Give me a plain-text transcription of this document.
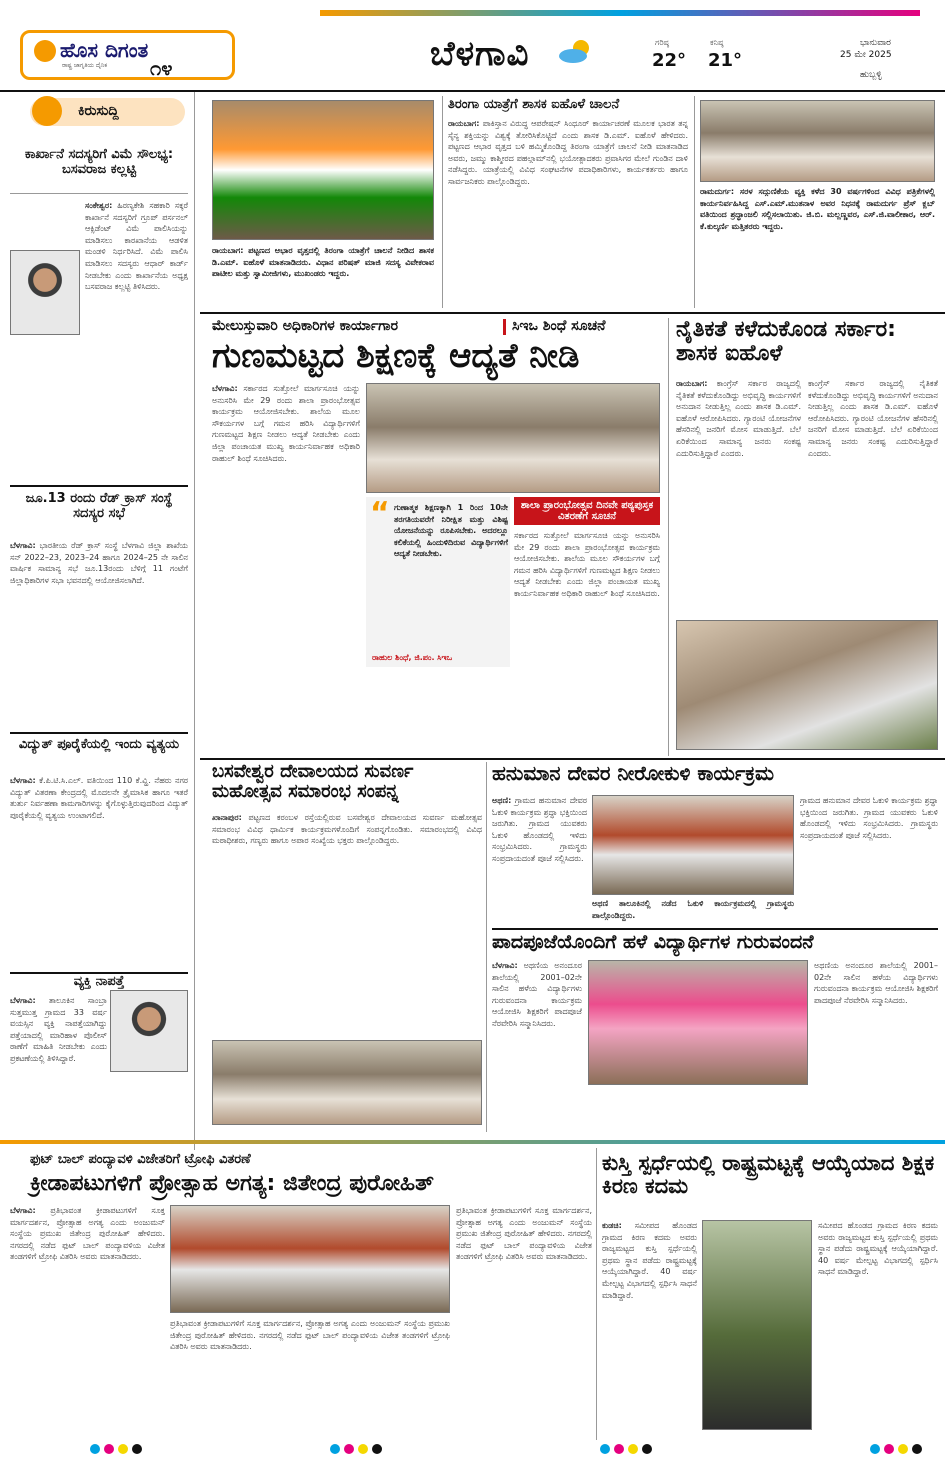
ಹೊಸ ದಿಗಂತ
ರಾಷ್ಟ್ರ ಜಾಗೃತಿಯ ದೈನಿಕ ೧೪	ಬೆಳಗಾವಿ	ಗರಿಷ್ಠ
22°
ಕನಿಷ್ಠ
21°
ಭಾನುವಾರ
25 ಮೇ 2025
ಹುಬ್ಬಳ್ಳಿ
ಕಿರುಸುದ್ದಿ
ಕಾರ್ಖಾನೆ ಸದಸ್ಯರಿಗೆ ವಿಮೆ ಸೌಲಭ್ಯ: ಬಸವರಾಜ ಕಲ್ಲಟ್ಟಿ
ಸಂಕೇಶ್ವರ: ಹಿರಣ್ಯಕೇಶಿ ಸಹಕಾರಿ ಸಕ್ಕರೆ ಕಾರ್ಖಾನೆ ಸದಸ್ಯರಿಗೆ ಗ್ರೂಪ್ ಪರ್ಸನಲ್ ಆಕ್ಸಿಡೆಂಟ್ ವಿಮೆ ಪಾಲಿಸಿಯನ್ನು ಮಾಡಿಸಲು ಕಾರಖಾನೆಯ ಆಡಳಿತ ಮಂಡಳಿ ನಿರ್ಧರಿಸಿದೆ. ವಿಮೆ ಪಾಲಿಸಿ ಮಾಡಿಸಲು ಸದಸ್ಯರು ಆಧಾರ್ ಕಾರ್ಡ್ ನೀಡಬೇಕು ಎಂದು ಕಾರ್ಖಾನೆಯ ಅಧ್ಯಕ್ಷ ಬಸವರಾಜ ಕಲ್ಲಟ್ಟಿ ತಿಳಿಸಿದರು.
ಜೂ.13 ರಂದು ರೆಡ್ ಕ್ರಾಸ್ ಸಂಸ್ಥೆ ಸದಸ್ಯರ ಸಭೆ
ಬೆಳಗಾವಿ: ಭಾರತೀಯ ರೆಡ್ ಕ್ರಾಸ್ ಸಂಸ್ಥೆ ಬೆಳಗಾವಿ ಜಿಲ್ಲಾ ಶಾಖೆಯ ಸನ್ 2022–23, 2023–24 ಹಾಗೂ 2024–25 ನೇ ಸಾಲಿನ ವಾರ್ಷಿಕ ಸಾಮಾನ್ಯ ಸಭೆ ಜೂ.13ರಂದು ಬೆಳಿಗ್ಗೆ 11 ಗಂಟೆಗೆ ಜಿಲ್ಲಾಧಿಕಾರಿಗಳ ಸಭಾ ಭವನದಲ್ಲಿ ಆಯೋಜಿಸಲಾಗಿದೆ.
ವಿದ್ಯುತ್ ಪೂರೈಕೆಯಲ್ಲಿ ಇಂದು ವ್ಯತ್ಯಯ
ಬೆಳಗಾವಿ: ಕೆ.ಪಿ.ಟಿ.ಸಿ.ಎಲ್. ವತಿಯಿಂದ 110 ಕೆ.ವ್ಹಿ. ನೆಹರು ನಗರ ವಿದ್ಯುತ್ ವಿತರಣಾ ಕೇಂದ್ರದಲ್ಲಿ ಮೊದಲನೇ ತ್ರೈಮಾಸಿಕ ಹಾಗೂ ಇತರೆ ತುರ್ತು ನಿರ್ವಹಣಾ ಕಾಮಗಾರಿಗಳನ್ನು ಕೈಗೊಳ್ಳುತ್ತಿರುವುದರಿಂದ ವಿದ್ಯುತ್ ಪೂರೈಕೆಯಲ್ಲಿ ವ್ಯತ್ಯಯ ಉಂಟಾಗಲಿದೆ.
ವ್ಯಕ್ತಿ ನಾಪತ್ತೆ
ಬೆಳಗಾವಿ: ತಾಲೂಕಿನ ಸಾಂಬ್ರಾ ಸುತ್ತಮುತ್ತ ಗ್ರಾಮದ 33 ವರ್ಷ ವಯಸ್ಸಿನ ವ್ಯಕ್ತಿ ನಾಪತ್ತೆಯಾಗಿದ್ದು ಪತ್ತೆಯಾದಲ್ಲಿ ಮಾರಿಹಾಳ ಪೊಲೀಸ್ ಠಾಣೆಗೆ ಮಾಹಿತಿ ನೀಡಬೇಕು ಎಂದು ಪ್ರಕಟಣೆಯಲ್ಲಿ ತಿಳಿಸಿದ್ದಾರೆ.
ರಾಯಬಾಗ: ಪಟ್ಟಣದ ಆಭಾರ ವೃತ್ತದಲ್ಲಿ ತಿರಂಗಾ ಯಾತ್ರೆಗೆ ಚಾಲನೆ ನೀಡಿದ ಶಾಸಕ ಡಿ.ಎಮ್. ಐಹೊಳೆ ಮಾತನಾಡಿದರು. ವಿಧಾನ ಪರಿಷತ್ ಮಾಜಿ ಸದಸ್ಯ ವಿವೇಕರಾವ ಪಾಟೀಲ ಮತ್ತು ಸ್ವಾಮೀಜಿಗಳು, ಮುಖಂಡರು ಇದ್ದರು.
ತಿರಂಗಾ ಯಾತ್ರೆಗೆ ಶಾಸಕ ಐಹೊಳೆ ಚಾಲನೆ
ರಾಯಬಾಗ: ಪಾಕಿಸ್ತಾನ ವಿರುದ್ಧ ಆಪರೇಷನ್ ಸಿಂಧೂರ್ ಕಾರ್ಯಾಚರಣೆ ಮೂಲಕ ಭಾರತ ತನ್ನ ಸೈನ್ಯ ಶಕ್ತಿಯನ್ನು ವಿಶ್ವಕ್ಕೆ ತೋರಿಸಿಕೊಟ್ಟಿದೆ ಎಂದು ಶಾಸಕ ಡಿ.ಎಮ್. ಐಹೊಳೆ ಹೇಳಿದರು. ಪಟ್ಟಣದ ಆಭಾರ ವೃತ್ತದ ಬಳಿ ಹಮ್ಮಿಕೊಂಡಿದ್ದ ತಿರಂಗಾ ಯಾತ್ರೆಗೆ ಚಾಲನೆ ನೀಡಿ ಮಾತನಾಡಿದ ಅವರು, ಜಮ್ಮು ಕಾಶ್ಮೀರದ ಪಹಲ್ಗಾಮ್‌ನಲ್ಲಿ ಭಯೋತ್ಪಾದಕರು ಪ್ರವಾಸಿಗರ ಮೇಲೆ ಗುಂಡಿನ ದಾಳಿ ನಡೆಸಿದ್ದರು. ಯಾತ್ರೆಯಲ್ಲಿ ವಿವಿಧ ಸಂಘಟನೆಗಳ ಪದಾಧಿಕಾರಿಗಳು, ಕಾರ್ಯಕರ್ತರು ಹಾಗೂ ಸಾರ್ವಜನಿಕರು ಪಾಲ್ಗೊಂಡಿದ್ದರು.
ರಾಮದುರ್ಗ: ಸರಳ ಸದ್ಗುಣಿಕೆಯ ವ್ಯಕ್ತಿ ಕಳೆದ 30 ವರ್ಷಗಳಿಂದ ವಿವಿಧ ಪತ್ರಿಕೆಗಳಲ್ಲಿ ಕಾರ್ಯನಿರ್ವಹಿಸಿದ್ದ ಎಸ್.ಎಮ್.ಮುತನಾಳ ಅವರ ನಿಧನಕ್ಕೆ ರಾಮದುರ್ಗ ಪ್ರೆಸ್ ಕ್ಲಬ್ ವತಿಯಿಂದ ಶ್ರದ್ಧಾಂಜಲಿ ಸಲ್ಲಿಸಲಾಯಿತು. ಜಿ.ಬಿ. ಮಲ್ಲಣ್ಣವರ, ಎಸ್.ಜಿ.ವಾಲೀಕಾರ, ಆರ್. ಕೆ.ಕುಲ್ಕರ್ಣಿ ಮತ್ತಿತರರು ಇದ್ದರು.
ಮೇಲುಸ್ತುವಾರಿ ಅಧಿಕಾರಿಗಳ ಕಾರ್ಯಾಗಾರ	ಸಿಇಒ ಶಿಂಧೆ ಸೂಚನೆ
ಗುಣಮಟ್ಟದ ಶಿಕ್ಷಣಕ್ಕೆ ಆದ್ಯತೆ ನೀಡಿ
ಬೆಳಗಾವಿ: ಸರ್ಕಾರದ ಸುತ್ತೋಲೆ ಮಾರ್ಗಸೂಚಿ ಯನ್ನು ಅನುಸರಿಸಿ ಮೇ 29 ರಂದು ಶಾಲಾ ಪ್ರಾರಂಭೋತ್ಸವ ಕಾರ್ಯಕ್ರಮ ಆಯೋಜಿಸಬೇಕು. ಶಾಲೆಯ ಮೂಲ ಸೌಕರ್ಯಗಳ ಬಗ್ಗೆ ಗಮನ ಹರಿಸಿ ವಿದ್ಯಾರ್ಥಿಗಳಿಗೆ ಗುಣಮಟ್ಟದ ಶಿಕ್ಷಣ ನೀಡಲು ಆದ್ಯತೆ ನೀಡಬೇಕು ಎಂದು ಜಿಲ್ಲಾ ಪಂಚಾಯತ ಮುಖ್ಯ ಕಾರ್ಯನಿರ್ವಾಹಕ ಅಧಿಕಾರಿ ರಾಹುಲ್ ಶಿಂಧೆ ಸೂಚಿಸಿದರು.
“ ಗುಣಾತ್ಮಕ ಶಿಕ್ಷಣಕ್ಕಾಗಿ 1 ರಿಂದ 10ನೇ ತರಗತಿಯವರೆಗೆ ನಿರೀಕ್ಷಿತ ಮತ್ತು ವಿಶಿಷ್ಟ ಯೋಜನೆಯನ್ನು ರೂಪಿಸಬೇಕು. ಅದರಲ್ಲೂ ಕಲಿಕೆಯಲ್ಲಿ ಹಿಂದುಳಿದಿರುವ ವಿದ್ಯಾರ್ಥಿಗಳಿಗೆ ಆದ್ಯತೆ ನೀಡಬೇಕು.
ರಾಹುಲ ಶಿಂಧೆ, ಜಿ.ಪಂ. ಸಿಇಒ
ಶಾಲಾ ಪ್ರಾರಂಭೋತ್ಸವ ದಿನವೇ ಪಠ್ಯಪುಸ್ತಕ ವಿತರಣೆಗೆ ಸೂಚನೆ
ಸರ್ಕಾರದ ಸುತ್ತೋಲೆ ಮಾರ್ಗಸೂಚಿ ಯನ್ನು ಅನುಸರಿಸಿ ಮೇ 29 ರಂದು ಶಾಲಾ ಪ್ರಾರಂಭೋತ್ಸವ ಕಾರ್ಯಕ್ರಮ ಆಯೋಜಿಸಬೇಕು. ಶಾಲೆಯ ಮೂಲ ಸೌಕರ್ಯಗಳ ಬಗ್ಗೆ ಗಮನ ಹರಿಸಿ ವಿದ್ಯಾರ್ಥಿಗಳಿಗೆ ಗುಣಮಟ್ಟದ ಶಿಕ್ಷಣ ನೀಡಲು ಆದ್ಯತೆ ನೀಡಬೇಕು ಎಂದು ಜಿಲ್ಲಾ ಪಂಚಾಯತ ಮುಖ್ಯ ಕಾರ್ಯನಿರ್ವಾಹಕ ಅಧಿಕಾರಿ ರಾಹುಲ್ ಶಿಂಧೆ ಸೂಚಿಸಿದರು.
ನೈತಿಕತೆ ಕಳೆದುಕೊಂಡ ಸರ್ಕಾರ: ಶಾಸಕ ಐಹೊಳೆ
ರಾಯಬಾಗ: ಕಾಂಗ್ರೆಸ್ ಸರ್ಕಾರ ರಾಜ್ಯದಲ್ಲಿ ನೈತಿಕತೆ ಕಳೆದುಕೊಂಡಿದ್ದು ಅಭಿವೃದ್ಧಿ ಕಾರ್ಯಗಳಿಗೆ ಅನುದಾನ ನೀಡುತ್ತಿಲ್ಲ ಎಂದು ಶಾಸಕ ಡಿ.ಎಮ್. ಐಹೊಳೆ ಆರೋಪಿಸಿದರು. ಗ್ಯಾರಂಟಿ ಯೋಜನೆಗಳ ಹೆಸರಿನಲ್ಲಿ ಜನರಿಗೆ ಮೋಸ ಮಾಡುತ್ತಿದೆ. ಬೆಲೆ ಏರಿಕೆಯಿಂದ ಸಾಮಾನ್ಯ ಜನರು ಸಂಕಷ್ಟ ಎದುರಿಸುತ್ತಿದ್ದಾರೆ ಎಂದರು.
ಕಾಂಗ್ರೆಸ್ ಸರ್ಕಾರ ರಾಜ್ಯದಲ್ಲಿ ನೈತಿಕತೆ ಕಳೆದುಕೊಂಡಿದ್ದು ಅಭಿವೃದ್ಧಿ ಕಾರ್ಯಗಳಿಗೆ ಅನುದಾನ ನೀಡುತ್ತಿಲ್ಲ ಎಂದು ಶಾಸಕ ಡಿ.ಎಮ್. ಐಹೊಳೆ ಆರೋಪಿಸಿದರು. ಗ್ಯಾರಂಟಿ ಯೋಜನೆಗಳ ಹೆಸರಿನಲ್ಲಿ ಜನರಿಗೆ ಮೋಸ ಮಾಡುತ್ತಿದೆ. ಬೆಲೆ ಏರಿಕೆಯಿಂದ ಸಾಮಾನ್ಯ ಜನರು ಸಂಕಷ್ಟ ಎದುರಿಸುತ್ತಿದ್ದಾರೆ ಎಂದರು.
ಬಸವೇಶ್ವರ ದೇವಾಲಯದ ಸುವರ್ಣ ಮಹೋತ್ಸವ ಸಮಾರಂಭ ಸಂಪನ್ನ
ಖಾನಾಪುರ: ಪಟ್ಟಣದ ಕರಂಬಳ ರಸ್ತೆಯಲ್ಲಿರುವ ಬಸವೇಶ್ವರ ದೇವಾಲಯದ ಸುವರ್ಣ ಮಹೋತ್ಸವ ಸಮಾರಂಭ ವಿವಿಧ ಧಾರ್ಮಿಕ ಕಾರ್ಯಕ್ರಮಗಳೊಂದಿಗೆ ಸಂಪನ್ನಗೊಂಡಿತು. ಸಮಾರಂಭದಲ್ಲಿ ವಿವಿಧ ಮಠಾಧೀಶರು, ಗಣ್ಯರು ಹಾಗೂ ಅಪಾರ ಸಂಖ್ಯೆಯ ಭಕ್ತರು ಪಾಲ್ಗೊಂಡಿದ್ದರು.
ಹನುಮಾನ ದೇವರ ನೀರೋಕುಳಿ ಕಾರ್ಯಕ್ರಮ
ಅಥಣಿ: ಗ್ರಾಮದ ಹನುಮಾನ ದೇವರ ಓಕುಳಿ ಕಾರ್ಯಕ್ರಮ ಶ್ರದ್ಧಾ ಭಕ್ತಿಯಿಂದ ಜರುಗಿತು. ಗ್ರಾಮದ ಯುವಕರು ಓಕುಳಿ ಹೊಂಡದಲ್ಲಿ ಇಳಿದು ಸಂಭ್ರಮಿಸಿದರು. ಗ್ರಾಮಸ್ಥರು ಸಂಪ್ರದಾಯದಂತೆ ಪೂಜೆ ಸಲ್ಲಿಸಿದರು.
ಅಥಣಿ ತಾಲೂಕಿನಲ್ಲಿ ನಡೆದ ಓಕುಳಿ ಕಾರ್ಯಕ್ರಮದಲ್ಲಿ ಗ್ರಾಮಸ್ಥರು ಪಾಲ್ಗೊಂಡಿದ್ದರು.
ಗ್ರಾಮದ ಹನುಮಾನ ದೇವರ ಓಕುಳಿ ಕಾರ್ಯಕ್ರಮ ಶ್ರದ್ಧಾ ಭಕ್ತಿಯಿಂದ ಜರುಗಿತು. ಗ್ರಾಮದ ಯುವಕರು ಓಕುಳಿ ಹೊಂಡದಲ್ಲಿ ಇಳಿದು ಸಂಭ್ರಮಿಸಿದರು. ಗ್ರಾಮಸ್ಥರು ಸಂಪ್ರದಾಯದಂತೆ ಪೂಜೆ ಸಲ್ಲಿಸಿದರು.
ಪಾದಪೂಜೆಯೊಂದಿಗೆ ಹಳೆ ವಿದ್ಯಾರ್ಥಿಗಳ ಗುರುವಂದನೆ
ಬೆಳಗಾವಿ: ಅಥಣಿಯ ಅನಂದೂರ ಶಾಲೆಯಲ್ಲಿ 2001–02ನೇ ಸಾಲಿನ ಹಳೆಯ ವಿದ್ಯಾರ್ಥಿಗಳು ಗುರುವಂದನಾ ಕಾರ್ಯಕ್ರಮ ಆಯೋಜಿಸಿ ಶಿಕ್ಷಕರಿಗೆ ಪಾದಪೂಜೆ ನೆರವೇರಿಸಿ ಸನ್ಮಾನಿಸಿದರು.
ಅಥಣಿಯ ಅನಂದೂರ ಶಾಲೆಯಲ್ಲಿ 2001–02ನೇ ಸಾಲಿನ ಹಳೆಯ ವಿದ್ಯಾರ್ಥಿಗಳು ಗುರುವಂದನಾ ಕಾರ್ಯಕ್ರಮ ಆಯೋಜಿಸಿ ಶಿಕ್ಷಕರಿಗೆ ಪಾದಪೂಜೆ ನೆರವೇರಿಸಿ ಸನ್ಮಾನಿಸಿದರು.
ಫುಟ್ ಬಾಲ್ ಪಂದ್ಯಾವಳಿ ವಿಜೇತರಿಗೆ ಟ್ರೋಫಿ ವಿತರಣೆ
ಕ್ರೀಡಾಪಟುಗಳಿಗೆ ಪ್ರೋತ್ಸಾಹ ಅಗತ್ಯ: ಜಿತೇಂದ್ರ ಪುರೋಹಿತ್
ಬೆಳಗಾವಿ: ಪ್ರತಿಭಾವಂತ ಕ್ರೀಡಾಪಟುಗಳಿಗೆ ಸೂಕ್ತ ಮಾರ್ಗದರ್ಶನ, ಪ್ರೋತ್ಸಾಹ ಅಗತ್ಯ ಎಂದು ಅಂಜುಮನ್ ಸಂಸ್ಥೆಯ ಪ್ರಮುಖ ಜಿತೇಂದ್ರ ಪುರೋಹಿತ್ ಹೇಳಿದರು. ನಗರದಲ್ಲಿ ನಡೆದ ಫುಟ್ ಬಾಲ್ ಪಂದ್ಯಾವಳಿಯ ವಿಜೇತ ತಂಡಗಳಿಗೆ ಟ್ರೋಫಿ ವಿತರಿಸಿ ಅವರು ಮಾತನಾಡಿದರು.
ಪ್ರತಿಭಾವಂತ ಕ್ರೀಡಾಪಟುಗಳಿಗೆ ಸೂಕ್ತ ಮಾರ್ಗದರ್ಶನ, ಪ್ರೋತ್ಸಾಹ ಅಗತ್ಯ ಎಂದು ಅಂಜುಮನ್ ಸಂಸ್ಥೆಯ ಪ್ರಮುಖ ಜಿತೇಂದ್ರ ಪುರೋಹಿತ್ ಹೇಳಿದರು. ನಗರದಲ್ಲಿ ನಡೆದ ಫುಟ್ ಬಾಲ್ ಪಂದ್ಯಾವಳಿಯ ವಿಜೇತ ತಂಡಗಳಿಗೆ ಟ್ರೋಫಿ ವಿತರಿಸಿ ಅವರು ಮಾತನಾಡಿದರು.
ಪ್ರತಿಭಾವಂತ ಕ್ರೀಡಾಪಟುಗಳಿಗೆ ಸೂಕ್ತ ಮಾರ್ಗದರ್ಶನ, ಪ್ರೋತ್ಸಾಹ ಅಗತ್ಯ ಎಂದು ಅಂಜುಮನ್ ಸಂಸ್ಥೆಯ ಪ್ರಮುಖ ಜಿತೇಂದ್ರ ಪುರೋಹಿತ್ ಹೇಳಿದರು. ನಗರದಲ್ಲಿ ನಡೆದ ಫುಟ್ ಬಾಲ್ ಪಂದ್ಯಾವಳಿಯ ವಿಜೇತ ತಂಡಗಳಿಗೆ ಟ್ರೋಫಿ ವಿತರಿಸಿ ಅವರು ಮಾತನಾಡಿದರು.
ಕುಸ್ತಿ ಸ್ಪರ್ಧೆಯಲ್ಲಿ ರಾಷ್ಟ್ರಮಟ್ಟಕ್ಕೆ ಆಯ್ಕೆಯಾದ ಶಿಕ್ಷಕ ಕಿರಣ ಕದಮ
ಕುಡಚಿ: ಸಮೀಪದ ಹೊಂಡದ ಗ್ರಾಮದ ಕಿರಣ ಕದಮ ಅವರು ರಾಜ್ಯಮಟ್ಟದ ಕುಸ್ತಿ ಸ್ಪರ್ಧೆಯಲ್ಲಿ ಪ್ರಥಮ ಸ್ಥಾನ ಪಡೆದು ರಾಷ್ಟ್ರಮಟ್ಟಕ್ಕೆ ಆಯ್ಕೆಯಾಗಿದ್ದಾರೆ. 40 ವರ್ಷ ಮೇಲ್ಪಟ್ಟ ವಿಭಾಗದಲ್ಲಿ ಸ್ಪರ್ಧಿಸಿ ಸಾಧನೆ ಮಾಡಿದ್ದಾರೆ.
ಸಮೀಪದ ಹೊಂಡದ ಗ್ರಾಮದ ಕಿರಣ ಕದಮ ಅವರು ರಾಜ್ಯಮಟ್ಟದ ಕುಸ್ತಿ ಸ್ಪರ್ಧೆಯಲ್ಲಿ ಪ್ರಥಮ ಸ್ಥಾನ ಪಡೆದು ರಾಷ್ಟ್ರಮಟ್ಟಕ್ಕೆ ಆಯ್ಕೆಯಾಗಿದ್ದಾರೆ. 40 ವರ್ಷ ಮೇಲ್ಪಟ್ಟ ವಿಭಾಗದಲ್ಲಿ ಸ್ಪರ್ಧಿಸಿ ಸಾಧನೆ ಮಾಡಿದ್ದಾರೆ.
